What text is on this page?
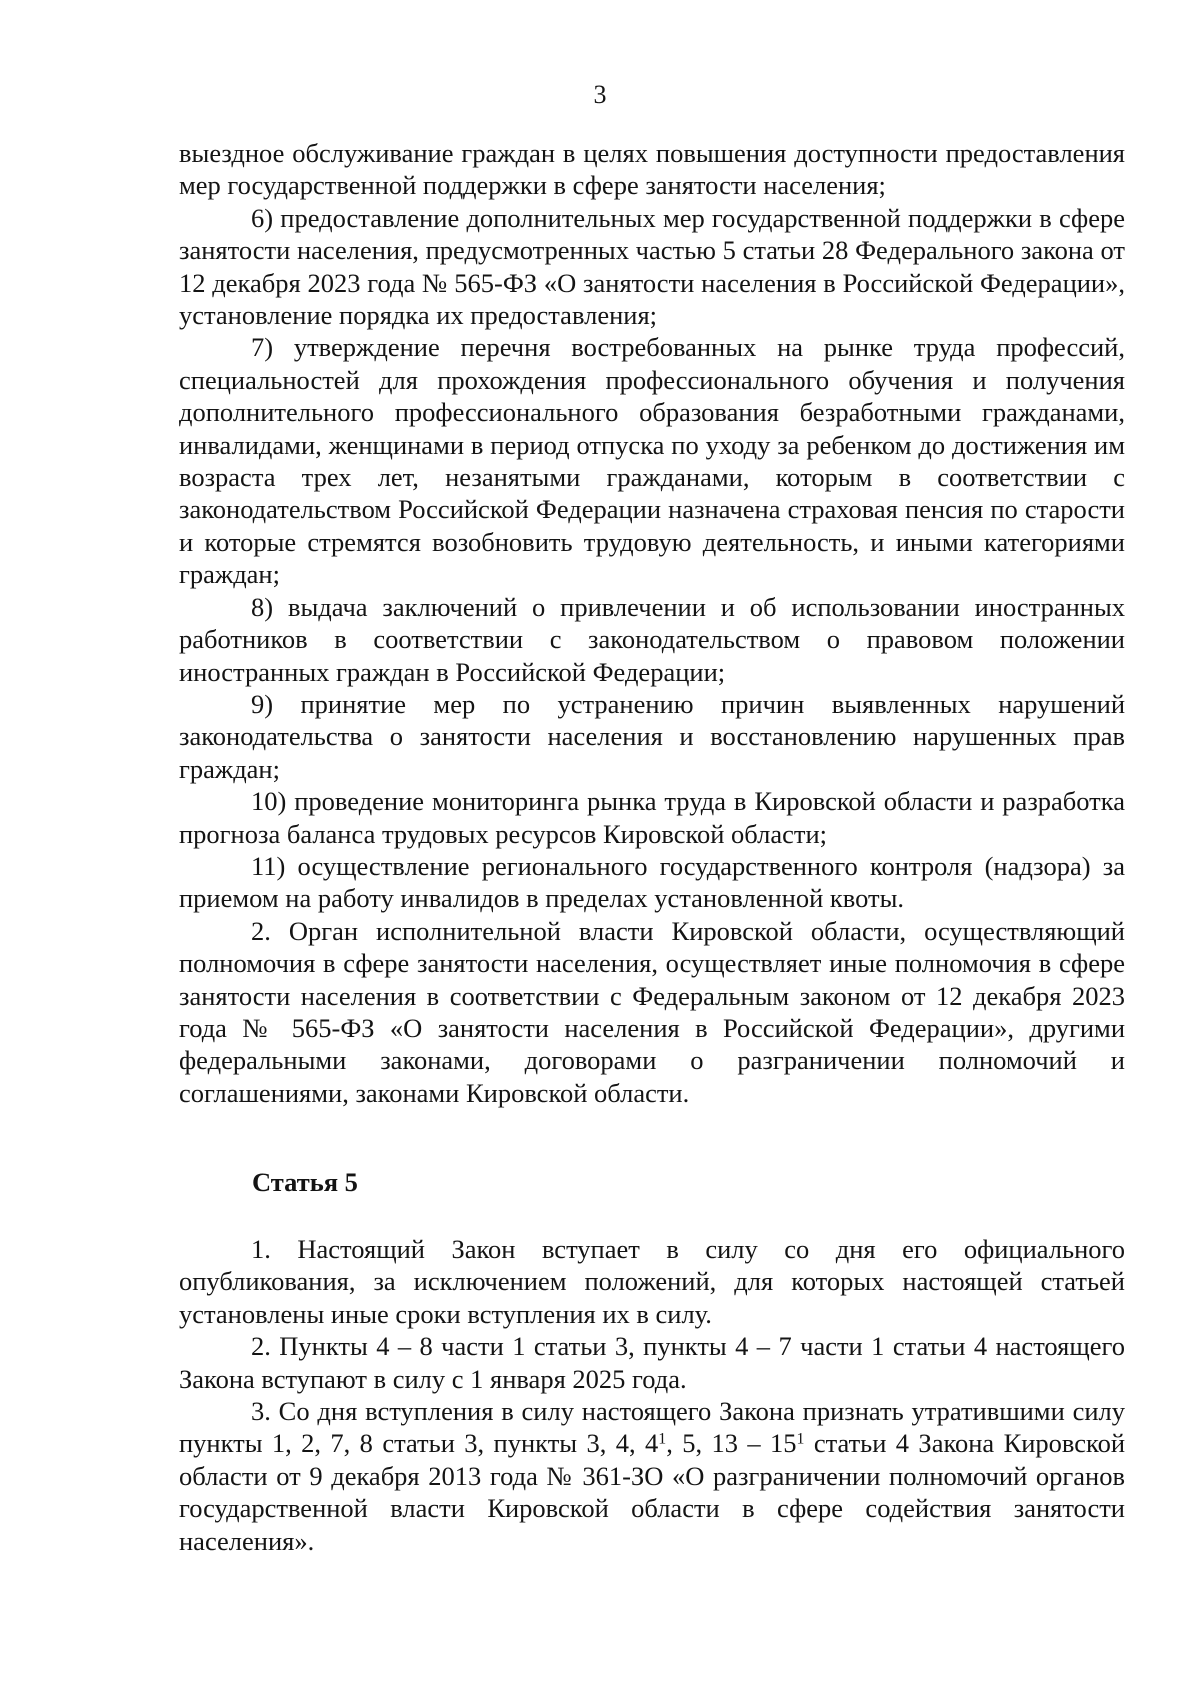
3

выездное обслуживание граждан в целях повышения доступности предоставления мер государственной поддержки в сфере занятости населения;

6) предоставление дополнительных мер государственной поддержки в сфере занятости населения, предусмотренных частью 5 статьи 28 Федерального закона от 12 декабря 2023 года № 565-ФЗ «О занятости населения в Российской Федерации», установление порядка их предоставления;

7) утверждение перечня востребованных на рынке труда профессий, специальностей для прохождения профессионального обучения и получения дополнительного профессионального образования безработными гражданами, инвалидами, женщинами в период отпуска по уходу за ребенком до достижения им возраста трех лет, незанятыми гражданами, которым в соответствии с законодательством Российской Федерации назначена страховая пенсия по старости и которые стремятся возобновить трудовую деятельность, и иными категориями граждан;

8) выдача заключений о привлечении и об использовании иностранных работников в соответствии с законодательством о правовом положении иностранных граждан в Российской Федерации;

9) принятие мер по устранению причин выявленных нарушений законодательства о занятости населения и восстановлению нарушенных прав граждан;

10) проведение мониторинга рынка труда в Кировской области и разработка прогноза баланса трудовых ресурсов Кировской области;

11) осуществление регионального государственного контроля (надзора) за приемом на работу инвалидов в пределах установленной квоты.

2. Орган исполнительной власти Кировской области, осуществляющий полномочия в сфере занятости населения, осуществляет иные полномочия в сфере занятости населения в соответствии с Федеральным законом от 12 декабря 2023 года № 565-ФЗ «О занятости населения в Российской Федерации», другими федеральными законами, договорами о разграничении полномочий и соглашениями, законами Кировской области.

Статья 5

1. Настоящий Закон вступает в силу со дня его официального опубликования, за исключением положений, для которых настоящей статьей установлены иные сроки вступления их в силу.

2. Пункты 4 – 8 части 1 статьи 3, пункты 4 – 7 части 1 статьи 4 настоящего Закона вступают в силу с 1 января 2025 года.

3. Со дня вступления в силу настоящего Закона признать утратившими силу пункты 1, 2, 7, 8 статьи 3, пункты 3, 4, $4^1$, 5, $13 - 15^1$ статьи 4 Закона Кировской области от 9 декабря 2013 года № 361-ЗО «О разграничении полномочий органов государственной власти Кировской области в сфере содействия занятости населения».
